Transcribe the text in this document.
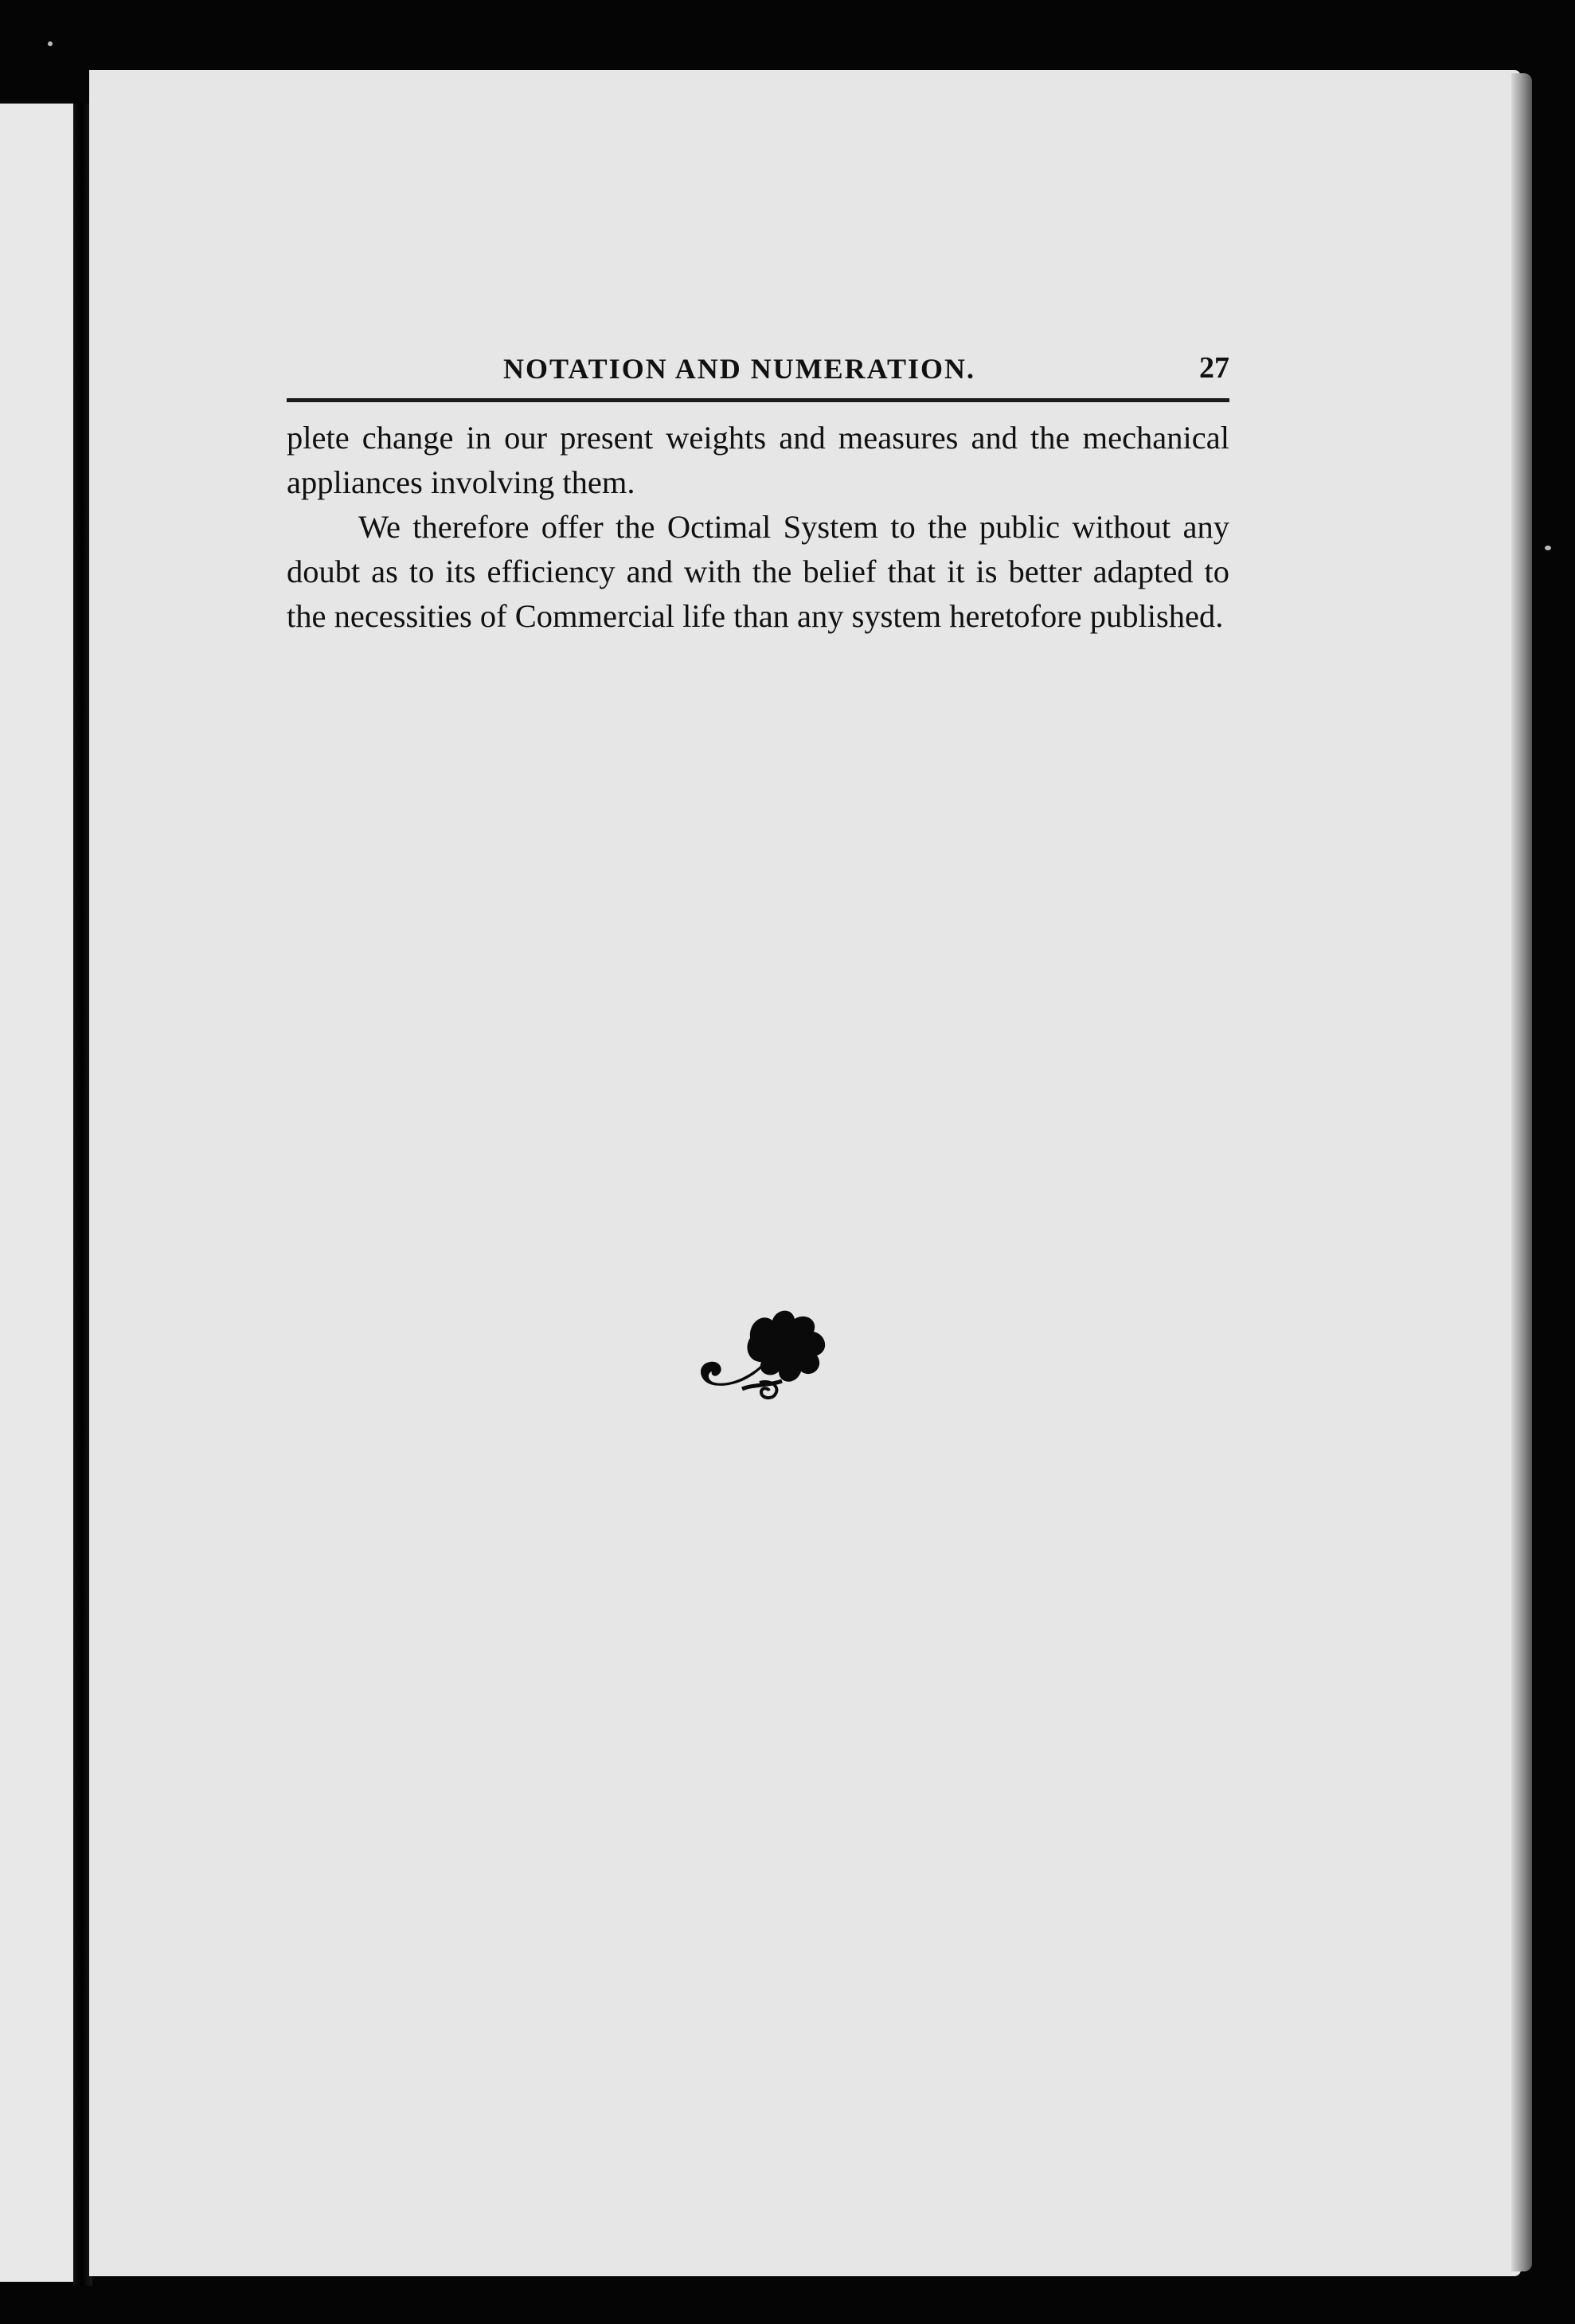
NOTATION AND NUMERATION.	27

plete change in our present weights and measures and the mechanical appliances involving them.

We therefore offer the Octimal System to the public without any doubt as to its efficiency and with the belief that it is better adapted to the necessities of Commercial life than any system heretofore published.
